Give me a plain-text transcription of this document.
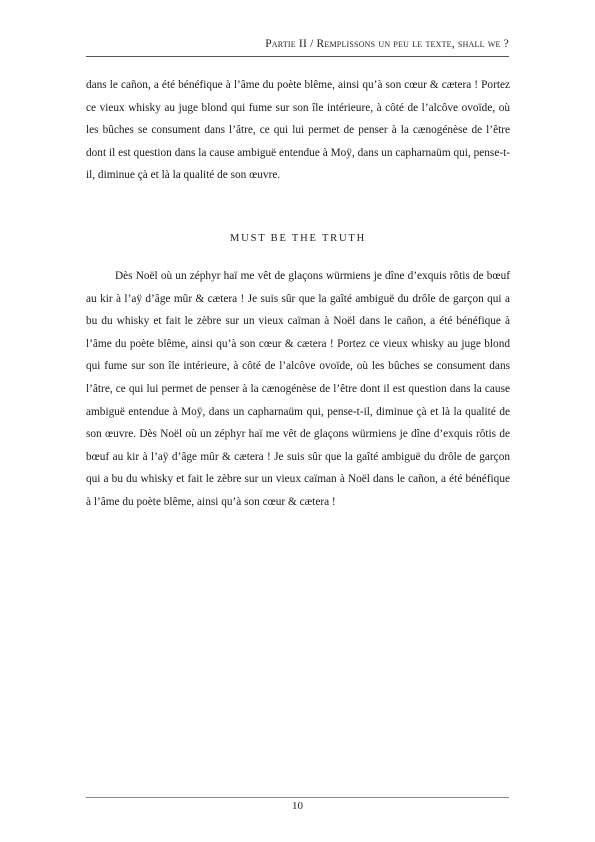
Partie II / Remplissons un peu le texte, shall we ?

dans le cañon, a été bénéfique à l’âme du poète blême, ainsi qu’à son cœur & cætera ! Portez ce vieux whisky au juge blond qui fume sur son île intérieure, à côté de l’alcôve ovoïde, où les bûches se consument dans l’âtre, ce qui lui permet de penser à la cænogénèse de l’être dont il est question dans la cause ambiguë entendue à Moÿ, dans un capharnaüm qui, pense-t-il, diminue çà et là la qualité de son œuvre.

MUST BE THE TRUTH

Dès Noël où un zéphyr haï me vêt de glaçons würmiens je dîne d’exquis rôtis de bœuf au kir à l’aÿ d’âge mûr & cætera ! Je suis sûr que la gaîté ambiguë du drôle de garçon qui a bu du whisky et fait le zèbre sur un vieux caïman à Noël dans le cañon, a été bénéfique à l’âme du poète blême, ainsi qu’à son cœur & cætera ! Portez ce vieux whisky au juge blond qui fume sur son île intérieure, à côté de l’alcôve ovoïde, où les bûches se consument dans l’âtre, ce qui lui permet de penser à la cænogénèse de l’être dont il est question dans la cause ambiguë entendue à Moÿ, dans un capharnaüm qui, pense-t-il, diminue çà et là la qualité de son œuvre. Dès Noël où un zéphyr haï me vêt de glaçons würmiens je dîne d’exquis rôtis de bœuf au kir à l’aÿ d’âge mûr & cætera ! Je suis sûr que la gaîté ambiguë du drôle de garçon qui a bu du whisky et fait le zèbre sur un vieux caïman à Noël dans le cañon, a été bénéfique à l’âme du poète blême, ainsi qu’à son cœur & cætera !

10
